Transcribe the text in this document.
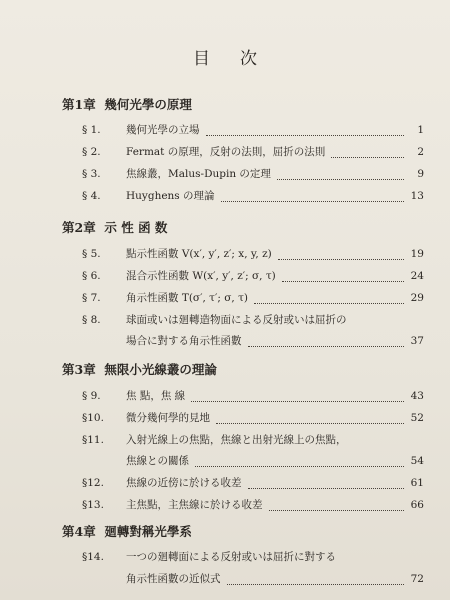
目次
第1章 幾何光學の原理
§ 1.	幾何光學の立場	1
§ 2.	Fermat の原理，反射の法則，屈折の法則	2
§ 3.	焦線叢，Malus-Dupin の定理	9
§ 4.	Huyghens の理論	13
第2章 示 性 函 数
§ 5.	點示性函數 V(x′, y′, z′; x, y, z)	19
§ 6.	混合示性函數 W(x′, y′, z′; σ, τ)	24
§ 7.	角示性函數 T(σ′, τ′; σ, τ)	29
§ 8.	球面或いは廻轉造物面による反射或いは屈折の
場合に對する角示性函數	37
第3章 無限小光線叢の理論
§ 9.	焦 點，焦 線	43
§10.	微分幾何學的見地	52
§11.	入射光線上の焦點，焦線と出射光線上の焦點，
焦線との關係	54
§12.	焦線の近傍に於ける收差	61
§13.	主焦點，主焦線に於ける收差	66
第4章 廻轉對稱光學系
§14.	一つの廻轉面による反射或いは屈折に對する
角示性函數の近似式	72
